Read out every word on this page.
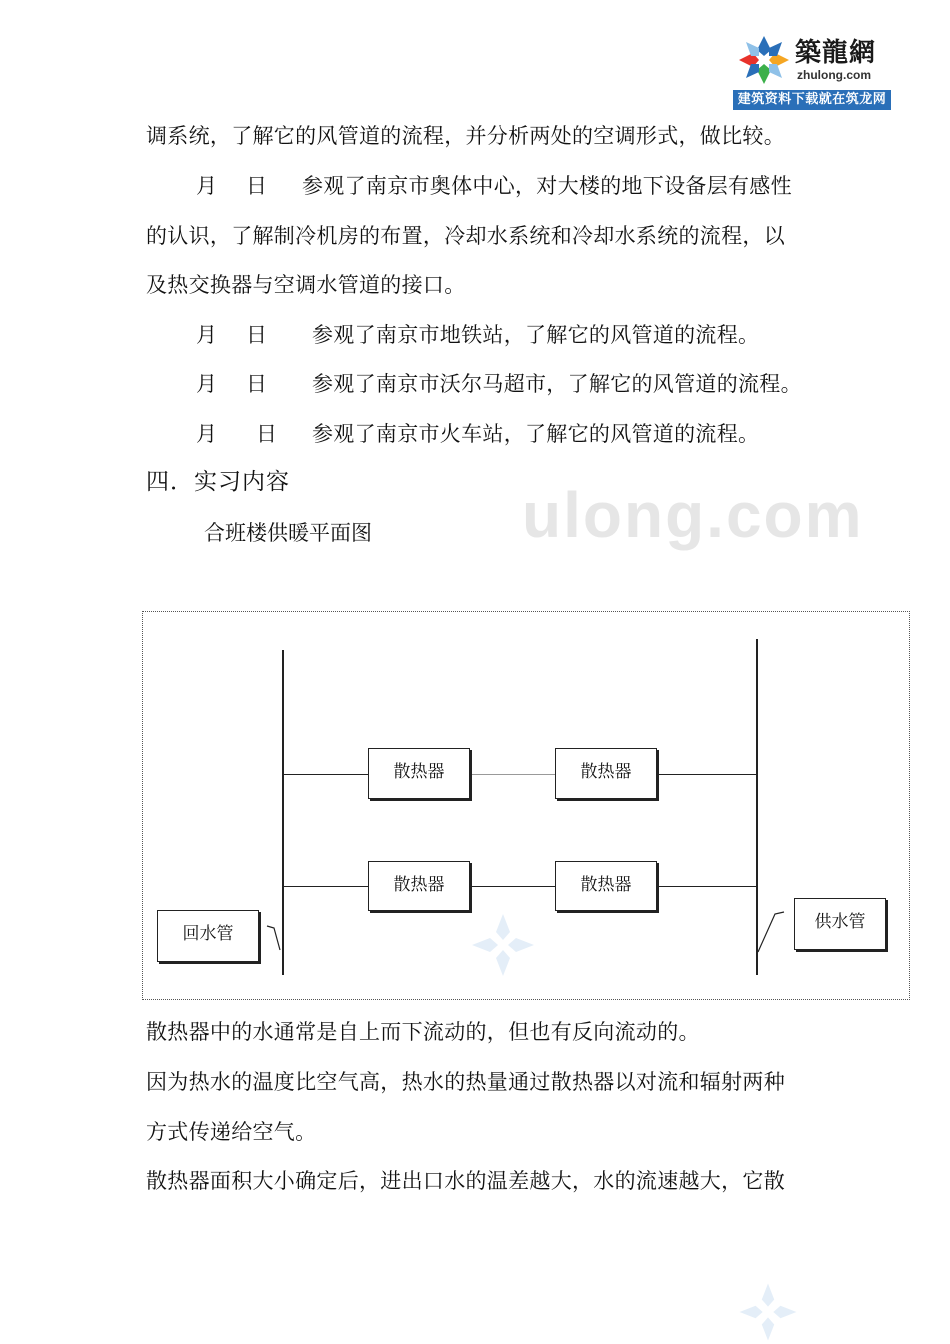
築龍網
zhulong.com
建筑资料下载就在筑龙网
调系统，了解它的风管道的流程，并分析两处的空调形式，做比较。
月 日 参观了南京市奥体中心，对大楼的地下设备层有感性
的认识，了解制冷机房的布置，冷却水系统和冷却水系统的流程，以
及热交换器与空调水管道的接口。
月 日 参观了南京市地铁站，了解它的风管道的流程。
月 日 参观了南京市沃尔马超市，了解它的风管道的流程。
月 日 参观了南京市火车站，了解它的风管道的流程。
四．实习内容	ulong.com
合班楼供暖平面图
散热器	散热器
散热器	散热器
回水管
供水管
散热器中的水通常是自上而下流动的，但也有反向流动的。
因为热水的温度比空气高，热水的热量通过散热器以对流和辐射两种
方式传递给空气。
散热器面积大小确定后，进出口水的温差越大，水的流速越大，它散
